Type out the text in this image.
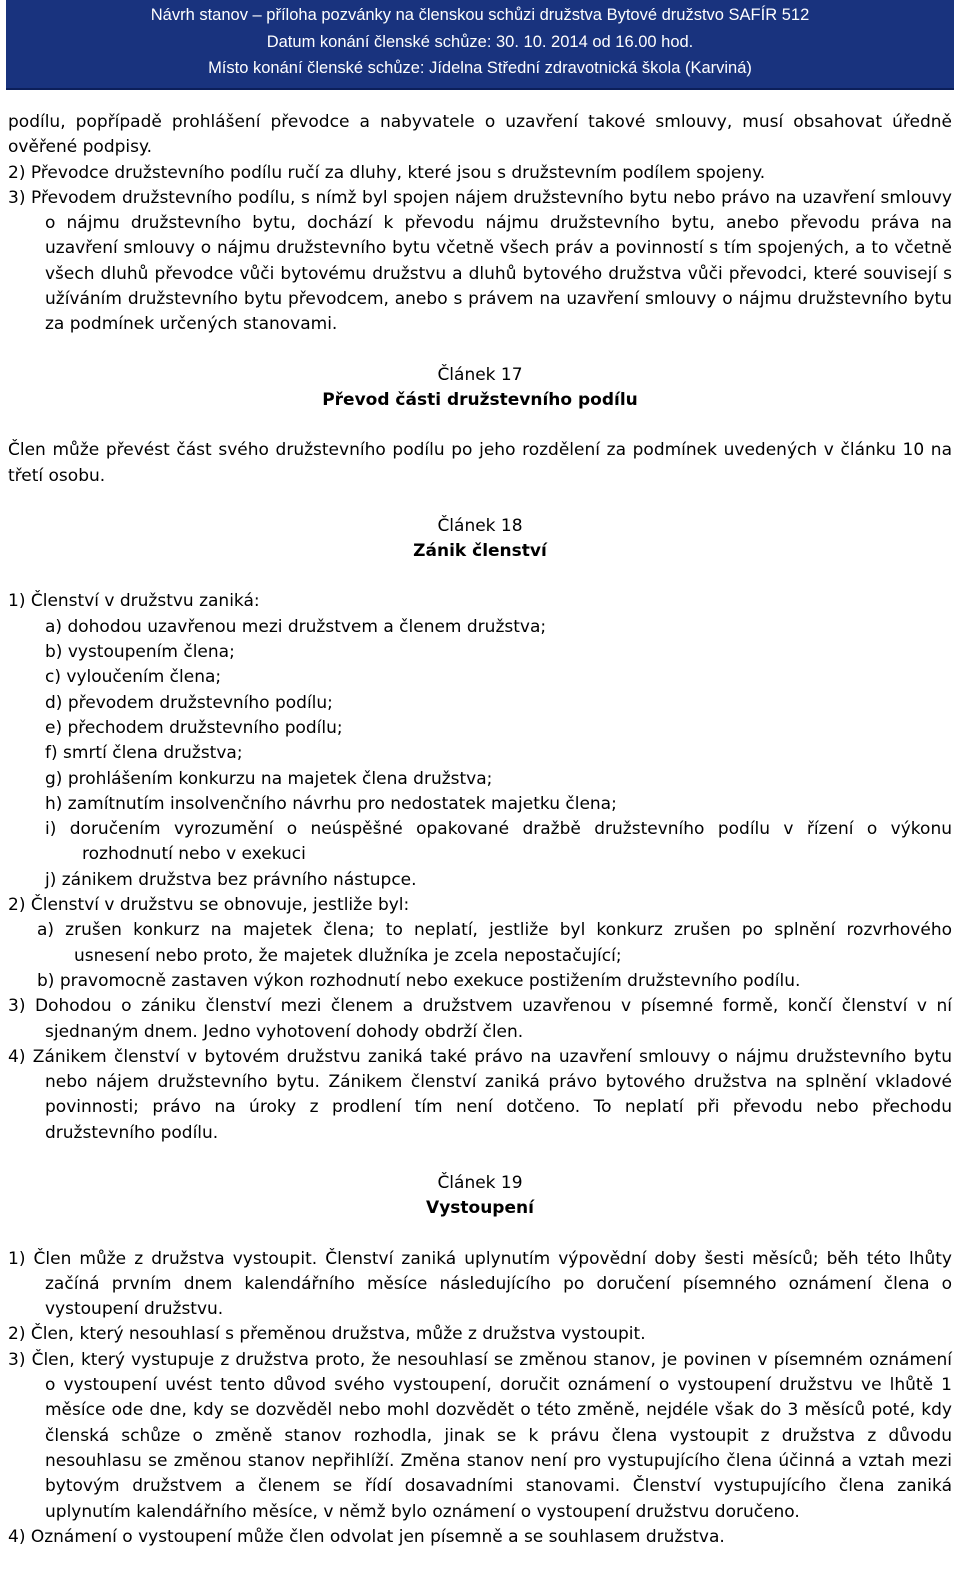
Návrh stanov – příloha pozvánky na členskou schůzi družstva Bytové družstvo SAFÍR 512
Datum konání členské schůze: 30. 10. 2014 od 16.00 hod.
Místo konání členské schůze: Jídelna Střední zdravotnická škola (Karviná)

podílu, popřípadě prohlášení převodce a nabyvatele o uzavření takové smlouvy, musí obsahovat úředně ověřené podpisy.

2) Převodce družstevního podílu ručí za dluhy, které jsou s družstevním podílem spojeny.

3) Převodem družstevního podílu, s nímž byl spojen nájem družstevního bytu nebo právo na uzavření smlouvy o nájmu družstevního bytu, dochází k převodu nájmu družstevního bytu, anebo převodu práva na uzavření smlouvy o nájmu družstevního bytu včetně všech práv a povinností s tím spojených, a to včetně všech dluhů převodce vůči bytovému družstvu a dluhů bytového družstva vůči převodci, které souvisejí s užíváním družstevního bytu převodcem, anebo s právem na uzavření smlouvy o nájmu družstevního bytu za podmínek určených stanovami.

Článek 17

Převod části družstevního podílu

Člen může převést část svého družstevního podílu po jeho rozdělení za podmínek uvedených v článku 10 na třetí osobu.

Článek 18

Zánik členství

1) Členství v družstvu zaniká:

a) dohodou uzavřenou mezi družstvem a členem družstva;

b) vystoupením člena;

c) vyloučením člena;

d) převodem družstevního podílu;

e) přechodem družstevního podílu;

f) smrtí člena družstva;

g) prohlášením konkurzu na majetek člena družstva;

h) zamítnutím insolvenčního návrhu pro nedostatek majetku člena;

i) doručením vyrozumění o neúspěšné opakované dražbě družstevního podílu v řízení o výkonu rozhodnutí nebo v exekuci

j) zánikem družstva bez právního nástupce.

2) Členství v družstvu se obnovuje, jestliže byl:

a) zrušen konkurz na majetek člena; to neplatí, jestliže byl konkurz zrušen po splnění rozvrhového usnesení nebo proto, že majetek dlužníka je zcela nepostačující;

b) pravomocně zastaven výkon rozhodnutí nebo exekuce postižením družstevního podílu.

3) Dohodou o zániku členství mezi členem a družstvem uzavřenou v písemné formě, končí členství v ní sjednaným dnem. Jedno vyhotovení dohody obdrží člen.

4) Zánikem členství v bytovém družstvu zaniká také právo na uzavření smlouvy o nájmu družstevního bytu nebo nájem družstevního bytu. Zánikem členství zaniká právo bytového družstva na splnění vkladové povinnosti; právo na úroky z prodlení tím není dotčeno. To neplatí při převodu nebo přechodu družstevního podílu.

Článek 19

Vystoupení

1) Člen může z družstva vystoupit. Členství zaniká uplynutím výpovědní doby šesti měsíců; běh této lhůty začíná prvním dnem kalendářního měsíce následujícího po doručení písemného oznámení člena o vystoupení družstvu.

2) Člen, který nesouhlasí s přeměnou družstva, může z družstva vystoupit.

3) Člen, který vystupuje z družstva proto, že nesouhlasí se změnou stanov, je povinen v písemném oznámení o vystoupení uvést tento důvod svého vystoupení, doručit oznámení o vystoupení družstvu ve lhůtě 1 měsíce ode dne, kdy se dozvěděl nebo mohl dozvědět o této změně, nejdéle však do 3 měsíců poté, kdy členská schůze o změně stanov rozhodla, jinak se k právu člena vystoupit z družstva z důvodu nesouhlasu se změnou stanov nepřihlíží. Změna stanov není pro vystupujícího člena účinná a vztah mezi bytovým družstvem a členem se řídí dosavadními stanovami. Členství vystupujícího člena zaniká uplynutím kalendářního měsíce, v němž bylo oznámení o vystoupení družstvu doručeno.

4) Oznámení o vystoupení může člen odvolat jen písemně a se souhlasem družstva.
